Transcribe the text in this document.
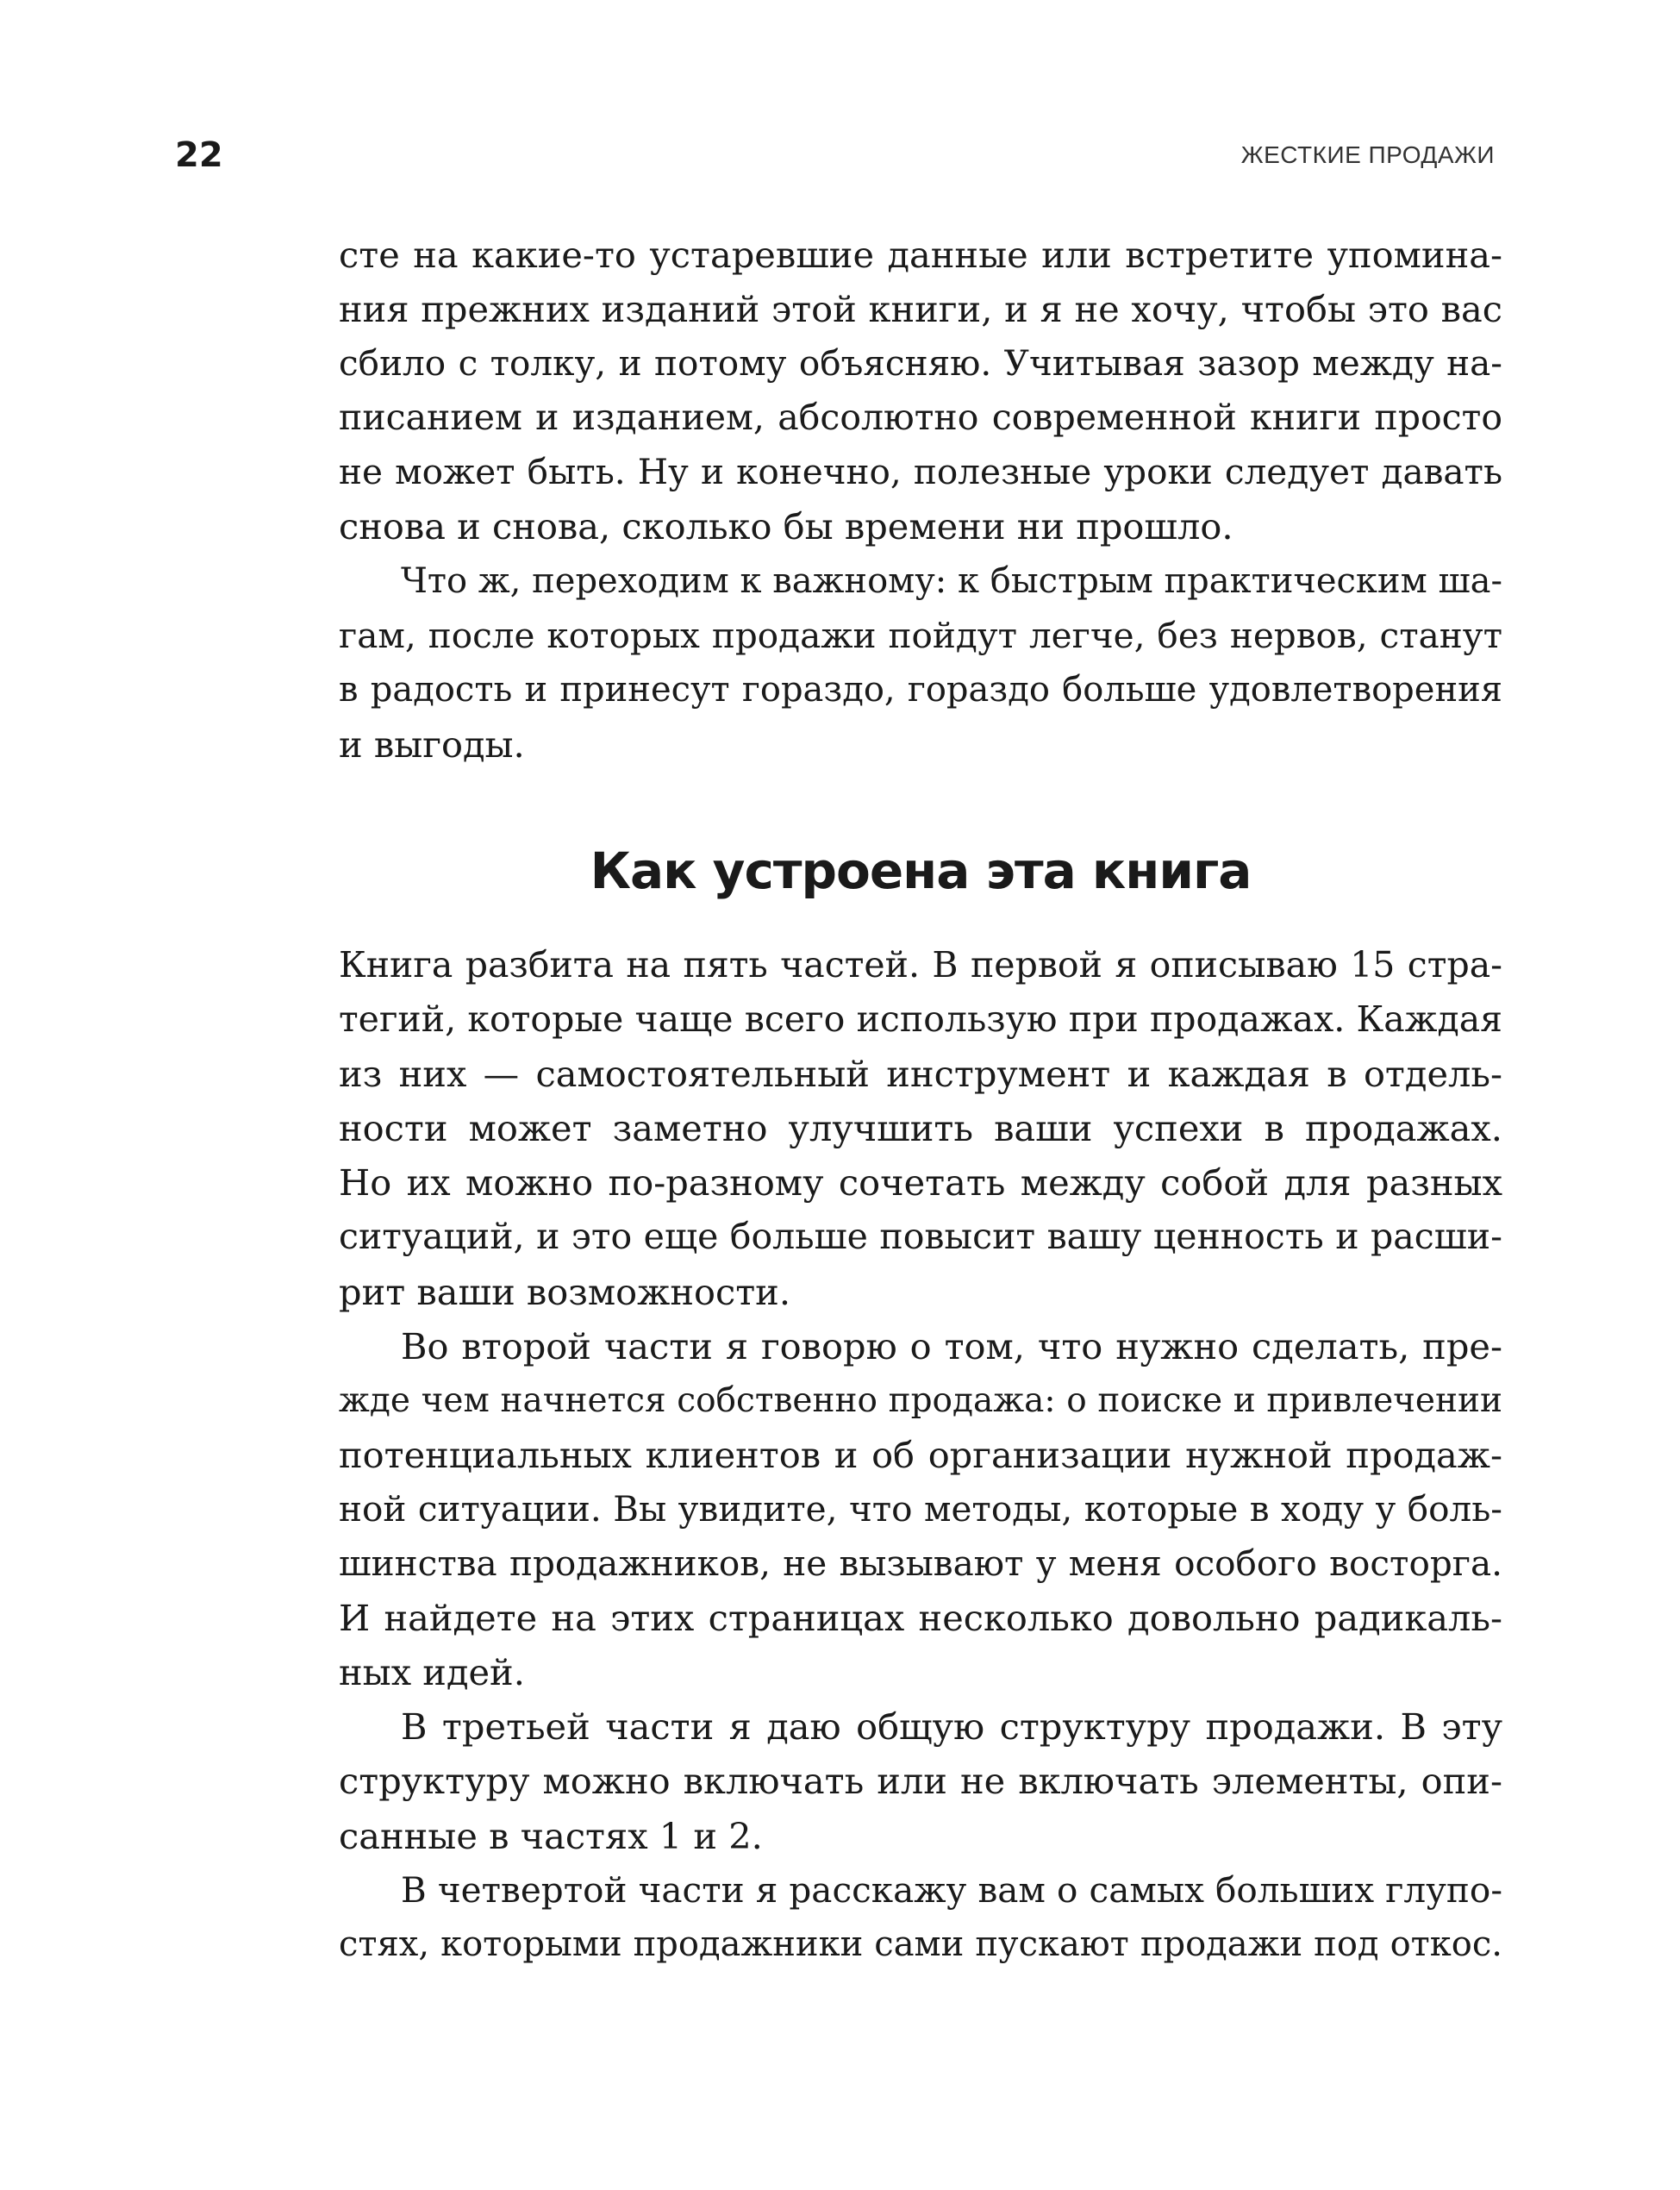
22	ЖЕСТКИЕ ПРОДАЖИ
сте на какие-то устаревшие данные или встретите упомина-
ния прежних изданий этой книги, и я не хочу, чтобы это вас
сбило с толку, и потому объясняю. Учитывая зазор между на-
писанием и изданием, абсолютно современной книги просто
не может быть. Ну и конечно, полезные уроки следует давать
снова и снова, сколько бы времени ни прошло.
Что ж, переходим к важному: к быстрым практическим ша-
гам, после которых продажи пойдут легче, без нервов, станут
в радость и принесут гораздо, гораздо больше удовлетворения
и выгоды.
Как устроена эта книга
Книга разбита на пять частей. В первой я описываю 15 стра-
тегий, которые чаще всего использую при продажах. Каждая
из них — самостоятельный инструмент и каждая в отдель-
ности может заметно улучшить ваши успехи в продажах.
Но их можно по-разному сочетать между собой для разных
ситуаций, и это еще больше повысит вашу ценность и расши-
рит ваши возможности.
Во второй части я говорю о том, что нужно сделать, пре-
жде чем начнется собственно продажа: о поиске и привлечении
потенциальных клиентов и об организации нужной продаж-
ной ситуации. Вы увидите, что методы, которые в ходу у боль-
шинства продажников, не вызывают у меня особого восторга.
И найдете на этих страницах несколько довольно радикаль-
ных идей.
В третьей части я даю общую структуру продажи. В эту
структуру можно включать или не включать элементы, опи-
санные в частях 1 и 2.
В четвертой части я расскажу вам о самых больших глупо-
стях, которыми продажники сами пускают продажи под откос.
